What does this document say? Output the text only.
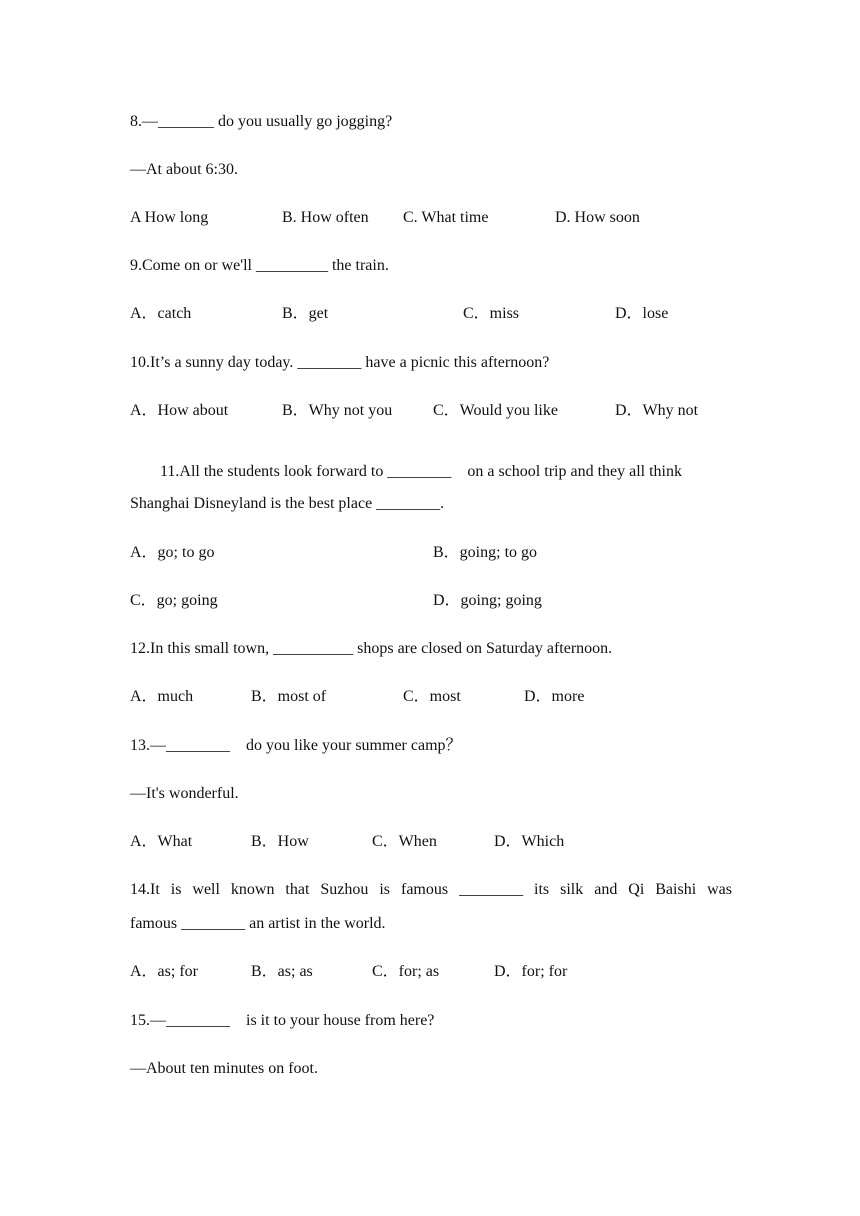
8.—_______ do you usually go jogging?
—At about 6:30.
A How long	B. How often C. What time	D. How soon
9.Come on or we'll _________ the train.
A．catch	B．get	C．miss	D．lose
10.It’s a sunny day today. ________ have a picnic this afternoon?
A．How about	B．Why not you	C．Would you like	D．Why not
11.All the students look forward to ________    on a school trip and they all think
Shanghai Disneyland is the best place ________.
A．go; to go	B．going; to go
C．go; going	D．going; going
12.In this small town, __________ shops are closed on Saturday afternoon.
A．much	B．most of	C．most	D．more
13.—________    do you like your summer camp？
—It's wonderful.
A．What	B．How	C．When	D．Which
14.It is well known that Suzhou is famous ________ its silk and Qi Baishi was
famous ________ an artist in the world.
A．as; for	B．as; as	C．for; as	D．for; for
15.—________    is it to your house from here?
—About ten minutes on foot.
